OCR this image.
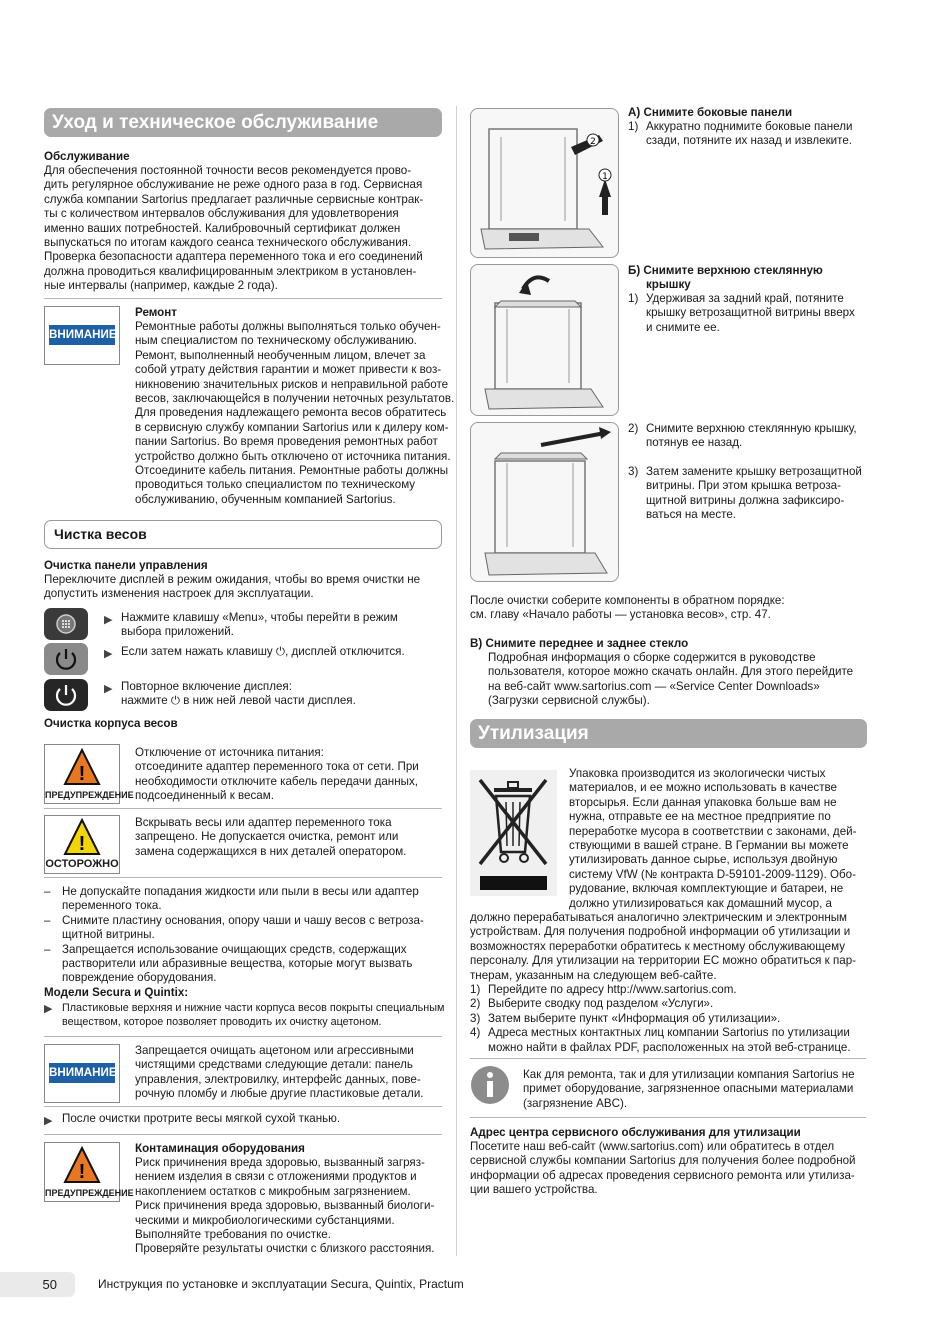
Уход и техническое обслуживание
Обслуживание
Для обеспечения постоянной точности весов рекомендуется прово-
дить регулярное обслуживание не реже одного раза в год. Сервисная
служба компании Sartorius предлагает различные сервисные контрак-
ты с количеством интервалов обслуживания для удовлетворения
именно ваших потребностей. Калибровочный сертификат должен
выпускаться по итогам каждого сеанса технического обслуживания.
Проверка безопасности адаптера переменного тока и его соединений
должна проводиться квалифицированным электриком в установлен-
ные интервалы (например, каждые 2 года).
ВНИМАНИЕ
Ремонт
Ремонтные работы должны выполняться только обучен-
ным специалистом по техническому обслуживанию.
Ремонт, выполненный необученным лицом, влечет за
собой утрату действия гарантии и может привести к воз-
никновению значительных рисков и неправильной работе
весов, заключающейся в получении неточных результатов.
Для проведения надлежащего ремонта весов обратитесь
в сервисную службу компании Sartorius или к дилеру ком-
пании Sartorius. Во время проведения ремонтных работ
устройство должно быть отключено от источника питания.
Отсоедините кабель питания. Ремонтные работы должны
проводиться только специалистом по техническому
обслуживанию, обученным компанией Sartorius.
Чистка весов
Очистка панели управления
Переключите дисплей в режим ожидания, чтобы во время очистки не
допустить изменения настроек для эксплуатации.
▶ Нажмите клавишу «Menu», чтобы перейти в режим
выбора приложений.
▶ Если затем нажать клавишу ⏻, дисплей отключится.
▶ Повторное включение дисплея:
нажмите ⏻ в ниж ней левой части дисплея.
Очистка корпуса весов
!
ПРЕДУПРЕЖДЕНИЕ
Отключение от источника питания:
отсоедините адаптер переменного тока от сети. При
необходимости отключите кабель передачи данных,
подсоединенный к весам.
!
ОСТОРОЖНО
Вскрывать весы или адаптер переменного тока
запрещено. Не допускается очистка, ремонт или
замена содержащихся в них деталей оператором.
– Не допускайте попадания жидкости или пыли в весы или адаптер
переменного тока.
– Снимите пластину основания, опору чаши и чашу весов с ветроза-
щитной витрины.
– Запрещается использование очищающих средств, содержащих
растворители или абразивные вещества, которые могут вызвать
повреждение оборудования.
Модели Secura и Quintix:
▶ Пластиковые верхняя и нижние части корпуса весов покрыты специальным
веществом, которое позволяет проводить их очистку ацетоном.
ВНИМАНИЕ
Запрещается очищать ацетоном или агрессивными
чистящими средствами следующие детали: панель
управления, электровилку, интерфейс данных, пове-
рочную пломбу и любые другие пластиковые детали.
▶ После очистки протрите весы мягкой сухой тканью.
!
ПРЕДУПРЕЖДЕНИЕ
Контаминация оборудования
Риск причинения вреда здоровью, вызванный загряз-
нением изделия в связи с отложениями продуктов и
накоплением остатков с микробным загрязнением.
Риск причинения вреда здоровью, вызванный биологи-
ческими и микробиологическими субстанциями.
Выполняйте требования по очистке.
Проверяйте результаты очистки с близкого расстояния.
2
1
А) Снимите боковые панели
1) Аккуратно поднимите боковые панели
сзади, потяните их назад и извлеките.
Б) Снимите верхнюю стеклянную
крышку
1) Удерживая за задний край, потяните
крышку ветрозащитной витрины вверх
и снимите ее.
2) Снимите верхнюю стеклянную крышку,
потянув ее назад.
3) Затем замените крышку ветрозащитной
витрины. При этом крышка ветроза-
щитной витрины должна зафиксиро-
ваться на месте.
После очистки соберите компоненты в обратном порядке:
см. главу «Начало работы — установка весов», стр. 47.
В) Снимите переднее и заднее стекло
Подробная информация о сборке содержится в руководстве
пользователя, которое можно скачать онлайн. Для этого перейдите
на веб-сайт www.sartorius.com — «Service Center Downloads»
(Загрузки сервисной службы).
Утилизация
Упаковка производится из экологически чистых
материалов, и ее можно использовать в качестве
вторсырья. Если данная упаковка больше вам не
нужна, отправьте ее на местное предприятие по
переработке мусора в соответствии с законами, дей-
ствующими в вашей стране. В Германии вы можете
утилизировать данное сырье, используя двойную
систему VfW (№ контракта D-59101-2009-1129). Обо-
рудование, включая комплектующие и батареи, не
должно утилизироваться как домашний мусор, а
должно перерабатываться аналогично электрическим и электронным
устройствам. Для получения подробной информации об утилизации и
возможностях переработки обратитесь к местному обслуживающему
персоналу. Для утилизации на территории ЕС можно обратиться к пар-
тнерам, указанным на следующем веб-сайте.
1) Перейдите по адресу http://www.sartorius.com.
2) Выберите сводку под разделом «Услуги».
3) Затем выберите пункт «Информация об утилизации».
4) Адреса местных контактных лиц компании Sartorius по утилизации
можно найти в файлах PDF, расположенных на этой веб-странице.
Как для ремонта, так и для утилизации компания Sartorius не
примет оборудование, загрязненное опасными материалами
(загрязнение ABC).
Адрес центра сервисного обслуживания для утилизации
Посетите наш веб-сайт (www.sartorius.com) или обратитесь в отдел
сервисной службы компании Sartorius для получения более подробной
информации об адресах проведения сервисного ремонта или утилиза-
ции вашего устройства.
50	Инструкция по установке и эксплуатации Secura, Quintix, Practum
